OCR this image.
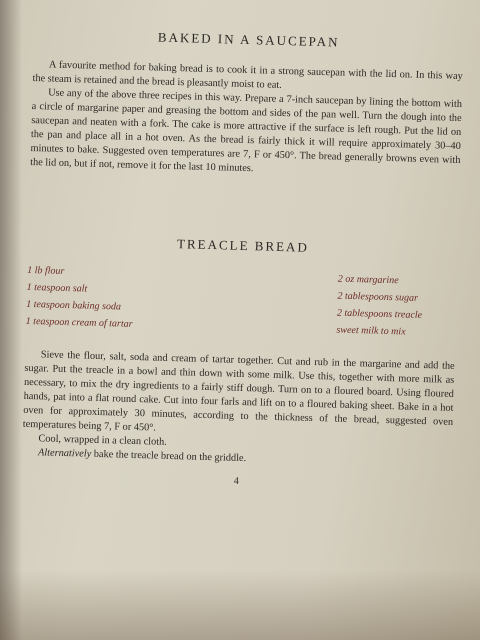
BAKED IN A SAUCEPAN

A favourite method for baking bread is to cook it in a strong saucepan with the lid on. In this way the steam is retained and the bread is pleasantly moist to eat.

Use any of the above three recipes in this way. Prepare a 7-inch saucepan by lining the bottom with a circle of margarine paper and greasing the bottom and sides of the pan well. Turn the dough into the saucepan and neaten with a fork. The cake is more attractive if the surface is left rough. Put the lid on the pan and place all in a hot oven. As the bread is fairly thick it will require approximately 30–40 minutes to bake. Suggested oven temperatures are 7, F or 450°. The bread generally browns even with the lid on, but if not, remove it for the last 10 minutes.

TREACLE BREAD
1 lb flour
1 teaspoon salt
1 teaspoon baking soda
1 teaspoon cream of tartar
2 oz margarine
2 tablespoons sugar
2 tablespoons treacle
sweet milk to mix

Sieve the flour, salt, soda and cream of tartar together. Cut and rub in the margarine and add the sugar. Put the treacle in a bowl and thin down with some milk. Use this, together with more milk as necessary, to mix the dry ingredients to a fairly stiff dough. Turn on to a floured board. Using floured hands, pat into a flat round cake. Cut into four farls and lift on to a floured baking sheet. Bake in a hot oven for approximately 30 minutes, according to the thickness of the bread, suggested oven temperatures being 7, F or 450°.

Cool, wrapped in a clean cloth.

Alternatively bake the treacle bread on the griddle.

4
